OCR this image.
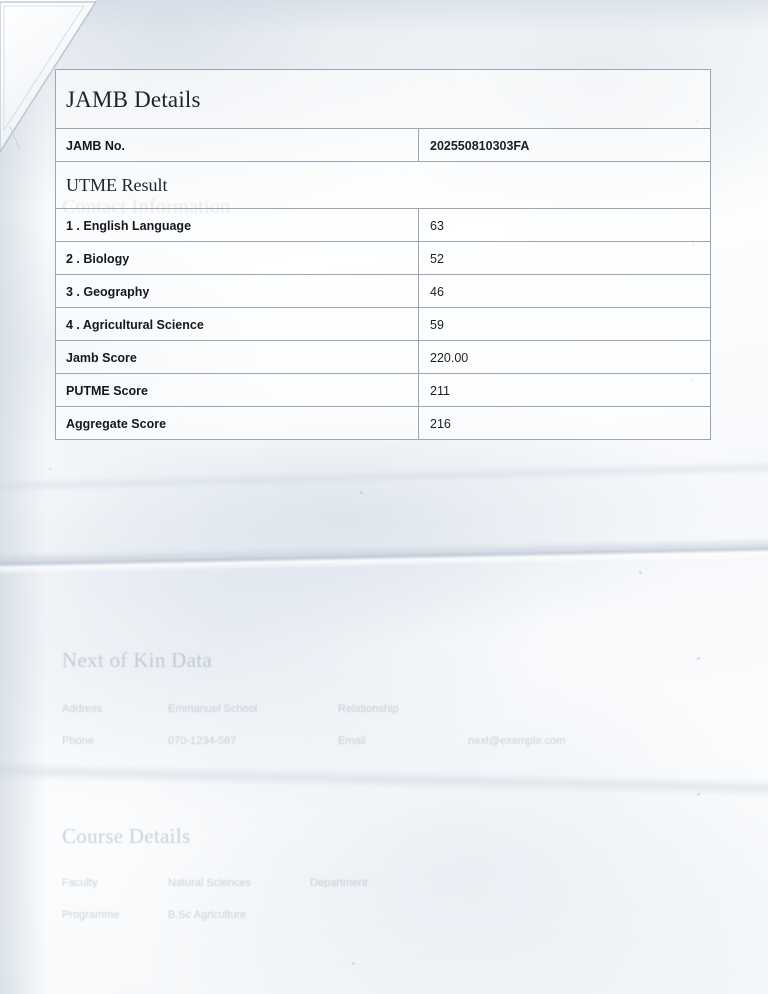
Next of Kin Data
Address	Emmanuel School	Relationship
Phone	070-1234-567	Email	next@example.com
Course Details
Faculty	Natural Sciences	Department
Programme	B.Sc Agriculture
JAMB Details
JAMB No.	202550810303FA
UTME Result
1 . English Language	63
2 . Biology	52
3 . Geography	46
4 . Agricultural Science	59
Jamb Score	220.00
PUTME Score	211
Aggregate Score	216
